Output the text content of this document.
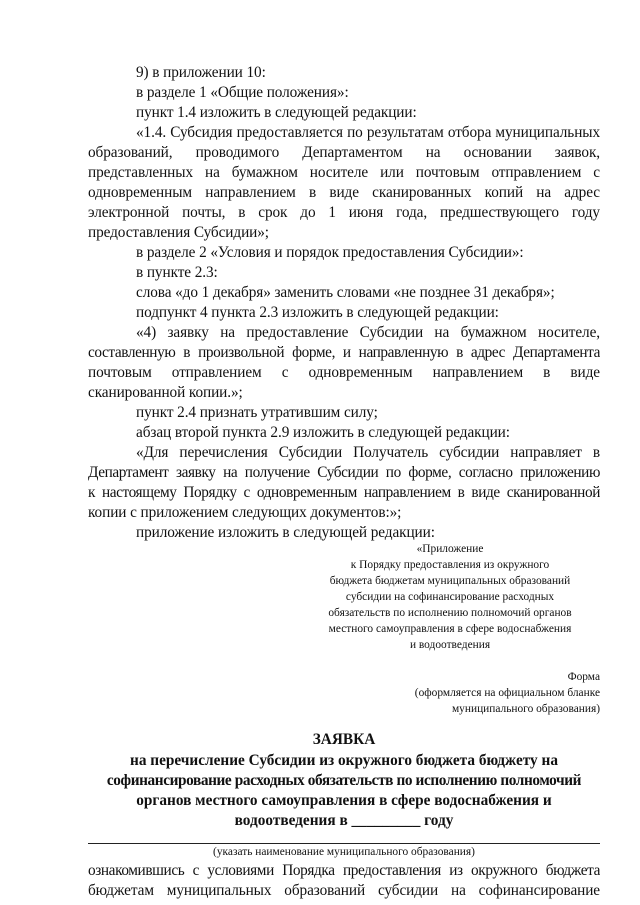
9) в приложении 10:
в разделе 1 «Общие положения»:
пункт 1.4 изложить в следующей редакции:
«1.4. Субсидия предоставляется по результатам отбора муниципальных
образований, проводимого Департаментом на основании заявок,
представленных на бумажном носителе или почтовым отправлением с
одновременным направлением в виде сканированных копий на адрес
электронной почты, в срок до 1 июня года, предшествующего году
предоставления Субсидии»;
в разделе 2 «Условия и порядок предоставления Субсидии»:
в пункте 2.3:
слова «до 1 декабря» заменить словами «не позднее 31 декабря»;
подпункт 4 пункта 2.3 изложить в следующей редакции:
«4) заявку на предоставление Субсидии на бумажном носителе,
составленную в произвольной форме, и направленную в адрес Департамента
почтовым отправлением с одновременным направлением в виде
сканированной копии.»;
пункт 2.4 признать утратившим силу;
абзац второй пункта 2.9 изложить в следующей редакции:
«Для перечисления Субсидии Получатель субсидии направляет в
Департамент заявку на получение Субсидии по форме, согласно приложению
к настоящему Порядку с одновременным направлением в виде сканированной
копии с приложением следующих документов:»;
приложение изложить в следующей редакции:
«Приложение
к Порядку предоставления из окружного
бюджета бюджетам муниципальных образований
субсидии на софинансирование расходных
обязательств по исполнению полномочий органов
местного самоуправления в сфере водоснабжения
и водоотведения
Форма
(оформляется на официальном бланке
муниципального образования)
ЗАЯВКА
на перечисление Субсидии из окружного бюджета бюджету на
софинансирование расходных обязательств по исполнению полномочий
органов местного самоуправления в сфере водоснабжения и
водоотведения в _________ году
(указать наименование муниципального образования)
ознакомившись с условиями Порядка предоставления из окружного бюджета
бюджетам муниципальных образований субсидии на софинансирование
